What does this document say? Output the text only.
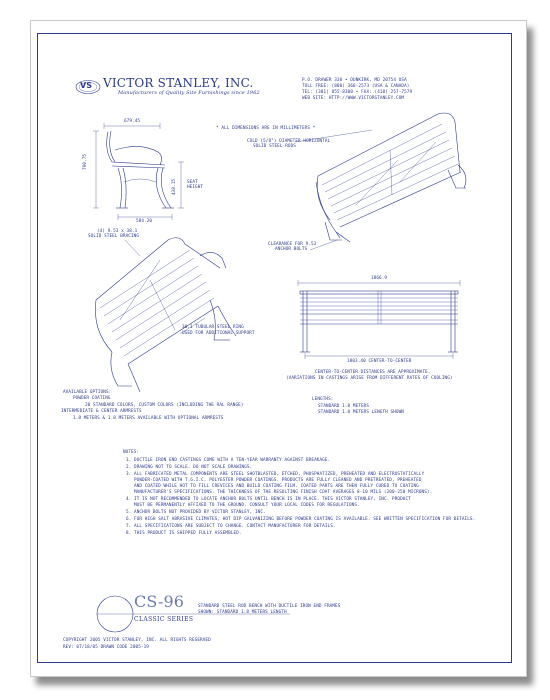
VS VICTOR STANLEY, INC.
Manufacturers of Quality Site Furnishings since 1962
P.O. DRAWER 330 • DUNKIRK, MD 20754 USA
TOLL FREE: (800) 368-2573 (USA & CANADA)
TEL: (301) 855-8300 • FAX: (410) 257-7579
WEB SITE: HTTP://WWW.VICTORSTANLEY.COM
679.45
790.75
438.15 SEAT
HEIGHT
584.20
* ALL DIMENSIONS ARE IN MILLIMETERS *
COLD (5/8") DIAMETER HORIZONTAL
SOLID STEEL RODS
(4) 9.53 x 38.1
SOLID STEEL BRACING
38.1 TUBULAR STEEL RING
USED FOR ADDITIONAL SUPPORT
CLEARANCE FOR 9.53
ANCHOR BOLTS
1866.9
1803.40 CENTER-TO-CENTER
CENTER-TO-CENTER DISTANCES ARE APPROXIMATE.
(VARIATIONS IN CASTINGS ARISE FROM DIFFERENT RATES OF COOLING)
AVAILABLE OPTIONS:
POWDER COATING
20 STANDARD COLORS, CUSTOM COLORS (INCLUDING THE RAL RANGE)
INTERMEDIATE & CENTER ARMRESTS
1.8 METERS & 1.8 METERS AVAILABLE WITH OPTIONAL ARMRESTS
LENGTHS:
STANDARD 1.8 METERS
STANDARD 1.8 METERS LENGTH SHOWN
NOTES:
1. DUCTILE IRON END CASTINGS COME WITH A TEN-YEAR WARRANTY AGAINST BREAKAGE.
2. DRAWING NOT TO SCALE. DO NOT SCALE DRAWINGS.
3. ALL FABRICATED METAL COMPONENTS ARE STEEL SHOTBLASTED, ETCHED, PHOSPHATIZED, PREHEATED AND ELECTROSTATICALLY
POWDER-COATED WITH T.G.I.C. POLYESTER POWDER COATINGS. PRODUCTS ARE FULLY CLEANED AND PRETREATED, PREHEATED
AND COATED WHILE HOT TO FILL CREVICES AND BUILD COATING FILM. COATED PARTS ARE THEN FULLY CURED TO COATING
MANUFACTURER'S SPECIFICATIONS. THE THICKNESS OF THE RESULTING FINISH COAT AVERAGES 8-10 MILS (200-250 MICRONS).
4. IT IS NOT RECOMMENDED TO LOCATE ANCHOR BOLTS UNTIL BENCH IS IN PLACE. THIS VICTOR STANLEY, INC. PRODUCT
MUST BE PERMANENTLY AFFIXED TO THE GROUND. CONSULT YOUR LOCAL CODES FOR REGULATIONS.
5. ANCHOR BOLTS NOT PROVIDED BY VICTOR STANLEY, INC.
6. FOR HIGH SALT ABRASIVE CLIMATES, HOT DIP GALVANIZING BEFORE POWDER COATING IS AVAILABLE. SEE WRITTEN SPECIFICATION FOR DETAILS.
7. ALL SPECIFICATIONS ARE SUBJECT TO CHANGE. CONTACT MANUFACTURER FOR DETAILS.
8. THIS PRODUCT IS SHIPPED FULLY ASSEMBLED.
CS-96
CLASSIC SERIES
STANDARD STEEL ROD BENCH WITH DUCTILE IRON END FRAMES
SHOWN: STANDARD 1.8 METERS LENGTH
COPYRIGHT 2005 VICTOR STANLEY, INC. ALL RIGHTS RESERVED
REV: 07/18/05 DRAWN CODE 2005-19
